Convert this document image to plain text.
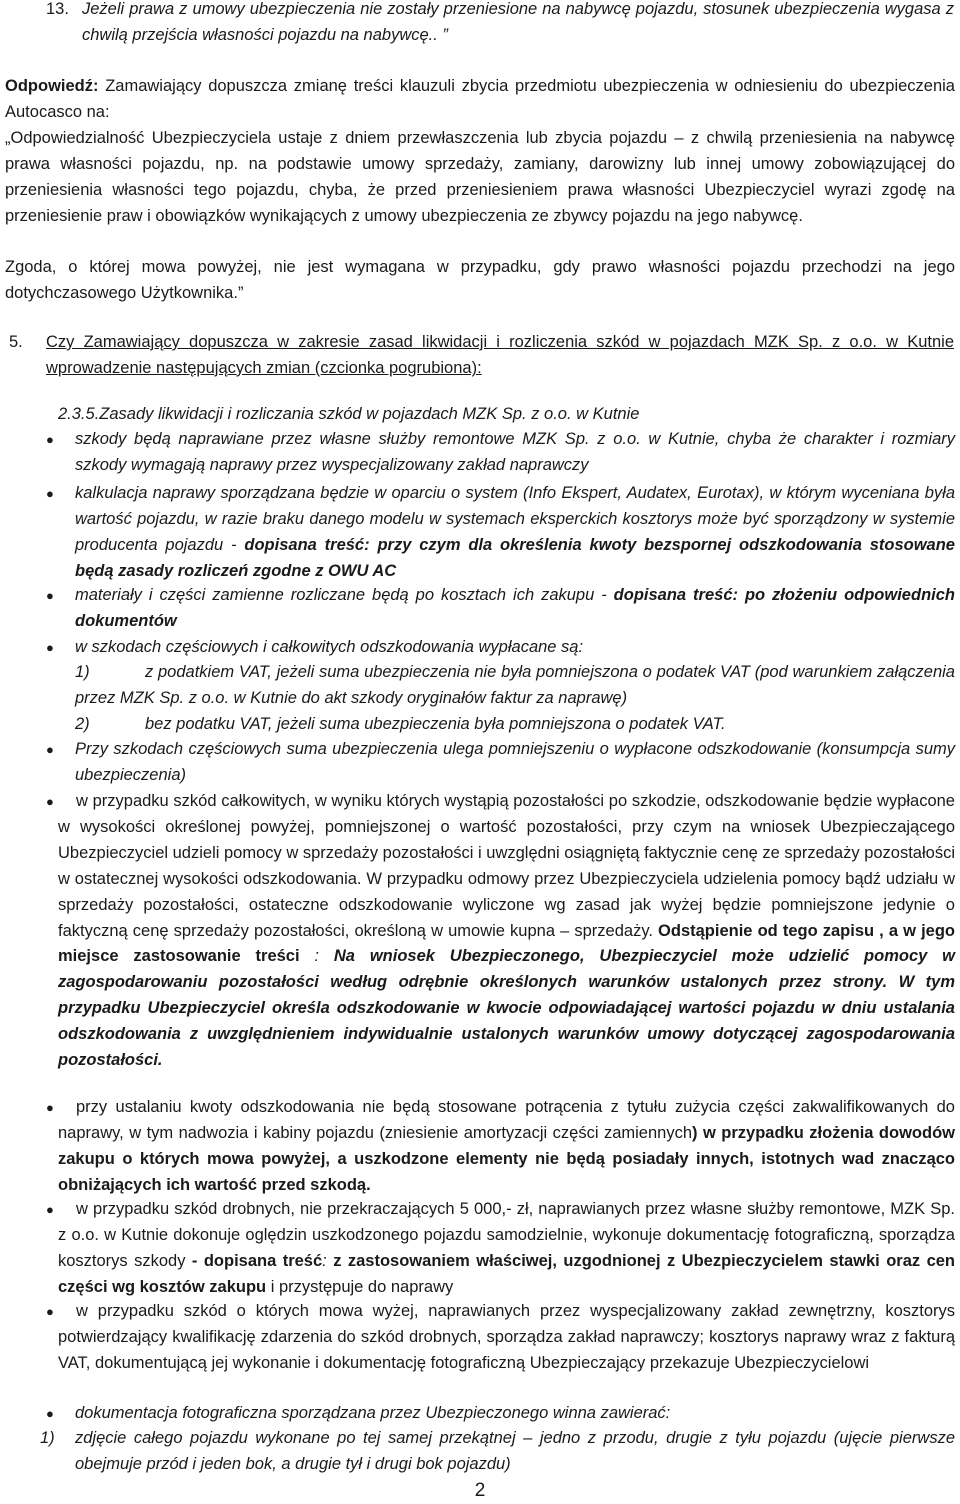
13. Jeżeli prawa z umowy ubezpieczenia nie zostały przeniesione na nabywcę pojazdu, stosunek ubezpieczenia wygasa z chwilą przejścia własności pojazdu na nabywcę.. ”

Odpowiedź: Zamawiający dopuszcza zmianę treści klauzuli zbycia przedmiotu ubezpieczenia w odniesieniu do ubezpieczenia Autocasco na:

„Odpowiedzialność Ubezpieczyciela ustaje z dniem przewłaszczenia lub zbycia pojazdu – z chwilą przeniesienia na nabywcę prawa własności pojazdu, np. na podstawie umowy sprzedaży, zamiany, darowizny lub innej umowy zobowiązującej do przeniesienia własności tego pojazdu, chyba, że przed przeniesieniem prawa własności Ubezpieczyciel wyrazi zgodę na przeniesienie praw i obowiązków wynikających z umowy ubezpieczenia ze zbywcy pojazdu na jego nabywcę.

Zgoda, o której mowa powyżej, nie jest wymagana w przypadku, gdy prawo własności pojazdu przechodzi na jego dotychczasowego Użytkownika.”

5. Czy Zamawiający dopuszcza w zakresie zasad likwidacji i rozliczenia szkód w pojazdach MZK Sp. z o.o. w Kutnie wprowadzenie następujących zmian (czcionka pogrubiona):

2.3.5.Zasady likwidacji i rozliczania szkód w pojazdach MZK Sp. z o.o. w Kutnie

● szkody będą naprawiane przez własne służby remontowe MZK Sp. z o.o. w Kutnie, chyba że charakter i rozmiary szkody wymagają naprawy przez wyspecjalizowany zakład naprawczy

● kalkulacja naprawy sporządzana będzie w oparciu o system (Info Ekspert, Audatex, Eurotax), w którym wyceniana była wartość pojazdu, w razie braku danego modelu w systemach eksperckich kosztorys może być sporządzony w systemie producenta pojazdu - dopisana treść: przy czym dla określenia kwoty bezspornej odszkodowania stosowane będą zasady rozliczeń zgodne z OWU AC

● materiały i części zamienne rozliczane będą po kosztach ich zakupu - dopisana treść: po złożeniu odpowiednich dokumentów

● w szkodach częściowych i całkowitych odszkodowania wypłacane są:

1)	z podatkiem VAT, jeżeli suma ubezpieczenia nie była pomniejszona o podatek VAT (pod warunkiem załączenia przez MZK Sp. z o.o. w Kutnie do akt szkody oryginałów faktur za naprawę)

2)	bez podatku VAT, jeżeli suma ubezpieczenia była pomniejszona o podatek VAT.

● Przy szkodach częściowych suma ubezpieczenia ulega pomniejszeniu o wypłacone odszkodowanie (konsumpcja sumy ubezpieczenia)

●	w przypadku szkód całkowitych, w wyniku których wystąpią pozostałości po szkodzie, odszkodowanie będzie wypłacone w wysokości określonej powyżej, pomniejszonej o wartość pozostałości, przy czym na wniosek Ubezpieczającego Ubezpieczyciel udzieli pomocy w sprzedaży pozostałości i uwzględni osiągniętą faktycznie cenę ze sprzedaży pozostałości w ostatecznej wysokości odszkodowania. W przypadku odmowy przez Ubezpieczyciela udzielenia pomocy bądź udziału w sprzedaży pozostałości, ostateczne odszkodowanie wyliczone wg zasad jak wyżej będzie pomniejszone jedynie o faktyczną cenę sprzedaży pozostałości, określoną w umowie kupna – sprzedaży. Odstąpienie od tego zapisu , a w jego miejsce zastosowanie treści : Na wniosek Ubezpieczonego, Ubezpieczyciel może udzielić pomocy w zagospodarowaniu pozostałości według odrębnie określonych warunków ustalonych przez strony. W tym przypadku Ubezpieczyciel określa odszkodowanie w kwocie odpowiadającej wartości pojazdu w dniu ustalania odszkodowania z uwzględnieniem indywidualnie ustalonych warunków umowy dotyczącej zagospodarowania pozostałości.

●	przy ustalaniu kwoty odszkodowania nie będą stosowane potrącenia z tytułu zużycia części zakwalifikowanych do naprawy, w tym nadwozia i kabiny pojazdu (zniesienie amortyzacji części zamiennych) w przypadku złożenia dowodów zakupu o których mowa powyżej, a uszkodzone elementy nie będą posiadały innych, istotnych wad znacząco obniżających ich wartość przed szkodą.

●	w przypadku szkód drobnych, nie przekraczających 5 000,- zł, naprawianych przez własne służby remontowe, MZK Sp. z o.o. w Kutnie dokonuje oględzin uszkodzonego pojazdu samodzielnie, wykonuje dokumentację fotograficzną, sporządza kosztorys szkody - dopisana treść: z zastosowaniem właściwej, uzgodnionej z Ubezpieczycielem stawki oraz cen części wg kosztów zakupu i przystępuje do naprawy

●	w przypadku szkód o których mowa wyżej, naprawianych przez wyspecjalizowany zakład zewnętrzny, kosztorys potwierdzający kwalifikację zdarzenia do szkód drobnych, sporządza zakład naprawczy; kosztorys naprawy wraz z fakturą VAT, dokumentującą jej wykonanie i dokumentację fotograficzną Ubezpieczający przekazuje Ubezpieczycielowi

● dokumentacja fotograficzna sporządzana przez Ubezpieczonego winna zawierać:

1) zdjęcie całego pojazdu wykonane po tej samej przekątnej – jedno z przodu, drugie z tyłu pojazdu (ujęcie pierwsze obejmuje przód i jeden bok, a drugie tył i drugi bok pojazdu)

2
